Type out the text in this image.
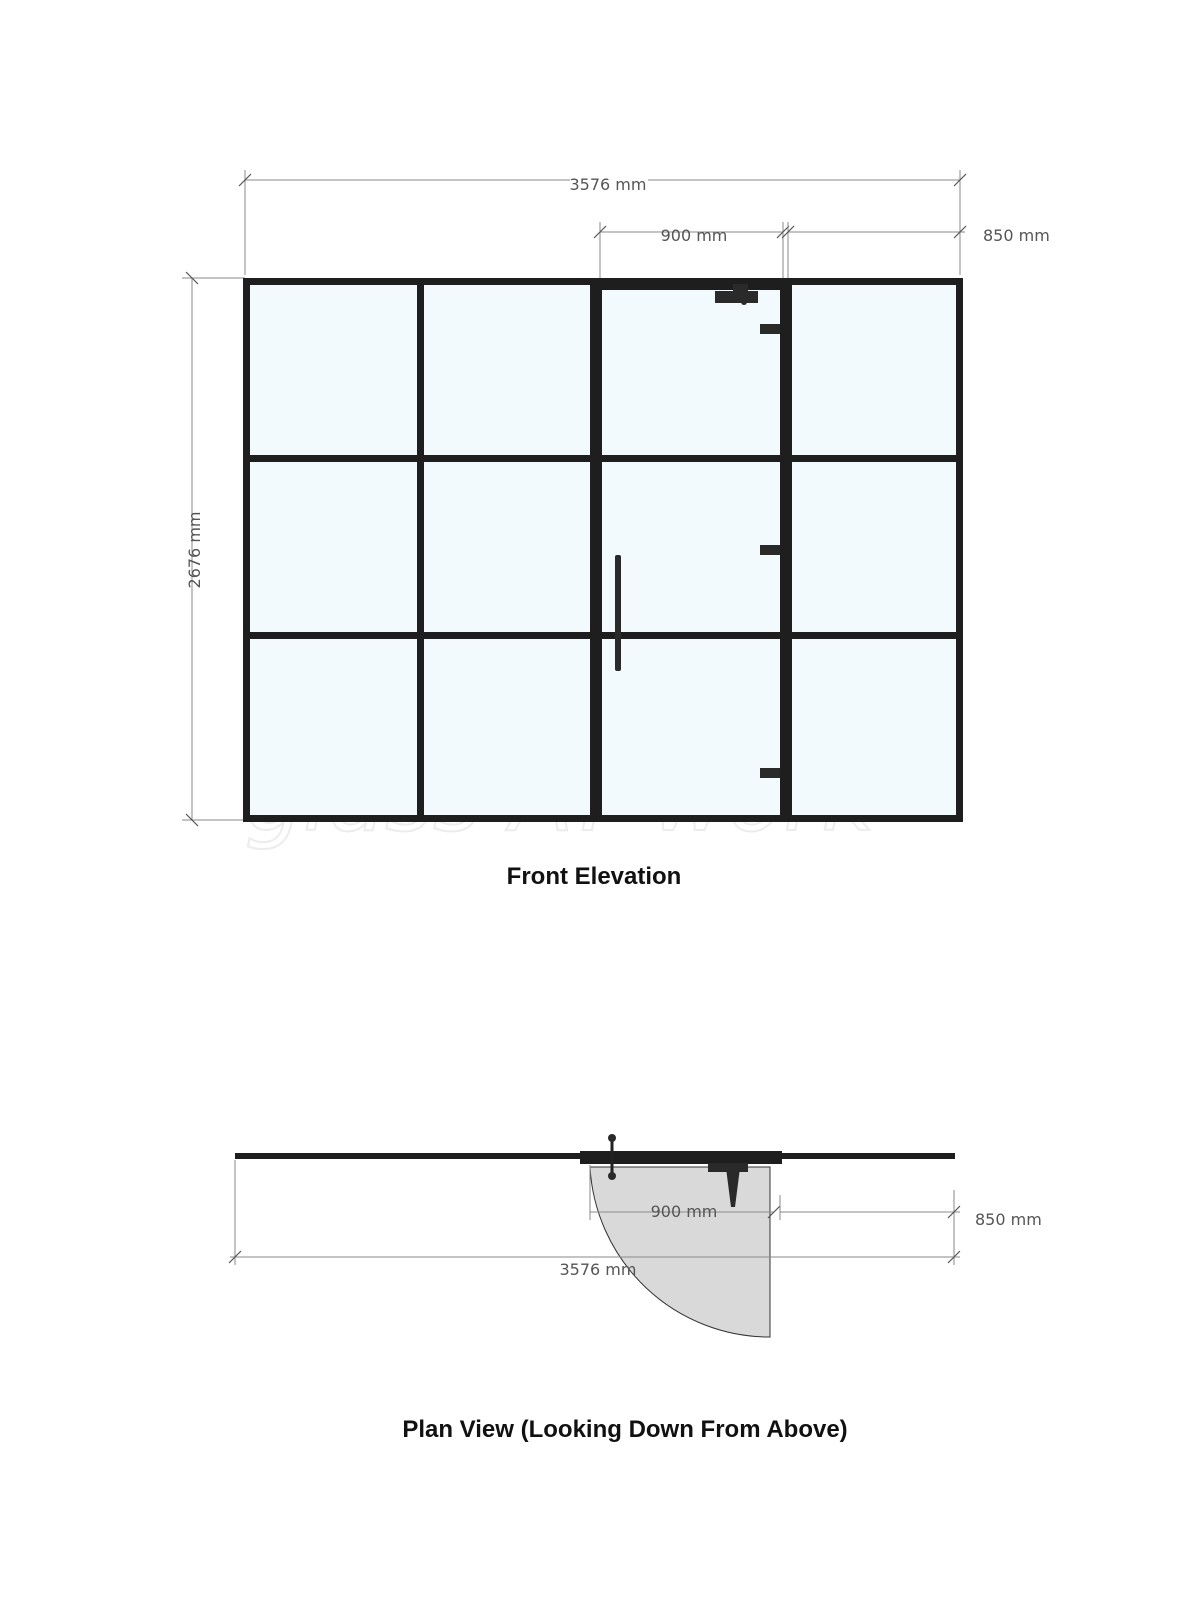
3576 mm
900 mm	850 mm
2676 mm
Front Elevation
900 mm	850 mm
3576 mm
Plan View (Looking Down From Above)
